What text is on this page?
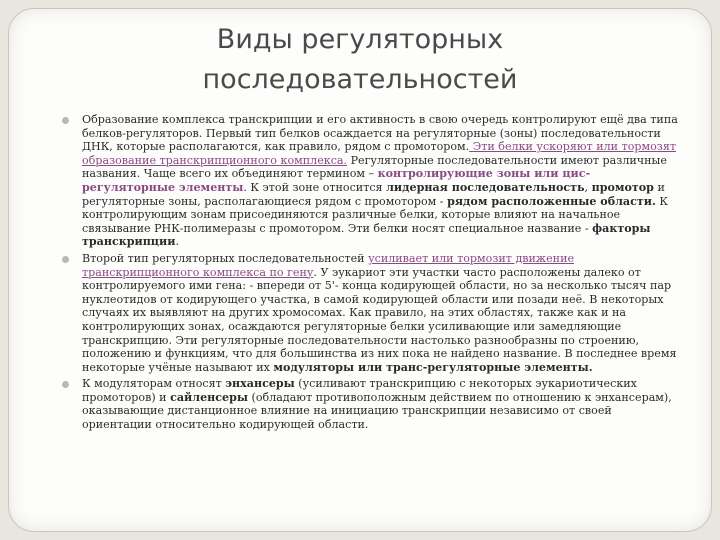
Виды регуляторных
последовательностей
Образование комплекса транскрипции и его активность в свою очередь контролируют ещё два типа белков-регуляторов. Первый тип белков осаждается на регуляторные (зоны) последовательности ДНК, которые располагаются, как правило, рядом с промотором. Эти белки ускоряют или тормозят образование транскрипционного комплекса. Регуляторные последовательности имеют различные названия. Чаще всего их объединяют термином – контролирующие зоны или цис-регуляторные элементы. К этой зоне относится лидерная последовательность, промотор и регуляторные зоны, располагающиеся рядом с промотором - рядом расположенные области. К контролирующим зонам присоединяются различные белки, которые влияют на начальное связывание РНК-полимеразы с промотором. Эти белки носят специальное название - факторы транскрипции.
Второй тип регуляторных последовательностей усиливает или тормозит движение транскрипционного комплекса по гену. У эукариот эти участки часто расположены далеко от контролируемого ими гена: - впереди от 5'- конца кодирующей области, но за несколько тысяч пар нуклеотидов от кодирующего участка, в самой кодирующей области или позади неё. В некоторых случаях их выявляют на других хромосомах. Как правило, на этих областях, также как и на контролирующих зонах, осаждаются регуляторные белки усиливающие или замедляющие транскрипцию. Эти регуляторные последовательности настолько разнообразны по строению, положению и функциям, что для большинства из них пока не найдено название. В последнее время некоторые учёные называют их модуляторы или транс-регуляторные элементы.
К модуляторам относят энхансеры (усиливают транскрипцию с некоторых эукариотических промоторов) и сайленсеры (обладают противоположным действием по отношению к энхансерам), оказывающие дистанционное влияние на инициацию транскрипции независимо от своей ориентации относительно кодирующей области.
